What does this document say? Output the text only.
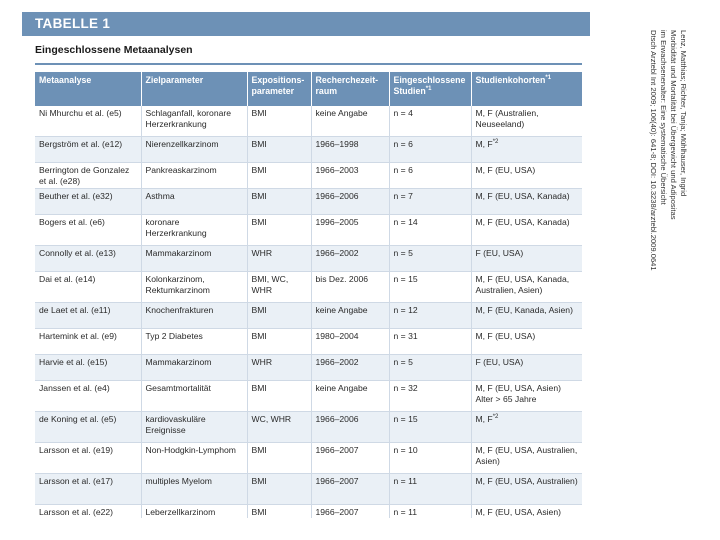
TABELLE 1
Eingeschlossene Metaanalysen
Metaanalyse	Zielparameter	Expositions-parameter	Recherchezeit-raum	Eingeschlossene Studien$^{*1}$	Studienkohorten$^{*1}$
Ni Mhurchu et al. (e5)	Schlaganfall, koronare Herzerkrankung	BMI	keine Angabe	n = 4	M, F (Australien, Neuseeland)
Bergström et al. (e12)	Nierenzellkarzinom	BMI	1966–1998	n = 6	M, $F^{*2}$
Berrington de Gonzalez et al. (e28)	Pankreaskarzinom	BMI	1966–2003	n = 6	M, F (EU, USA)
Beuther et al. (e32)	Asthma	BMI	1966–2006	n = 7	M, F (EU, USA, Kanada)
Bogers et al. (e6)	koronare Herzerkrankung	BMI	1996–2005	n = 14	M, F (EU, USA, Kanada)
Connolly et al. (e13)	Mammakarzinom	WHR	1966–2002	n = 5	F (EU, USA)
Dai et al. (e14)	Kolonkarzinom, Rektumkarzinom	BMI, WC, WHR	bis Dez. 2006	n = 15	M, F (EU, USA, Kanada, Australien, Asien)
de Laet et al. (e11)	Knochenfrakturen	BMI	keine Angabe	n = 12	M, F (EU, Kanada, Asien)
Hartemink et al. (e9)	Typ 2 Diabetes	BMI	1980–2004	n = 31	M, F (EU, USA)
Harvie et al. (e15)	Mammakarzinom	WHR	1966–2002	n = 5	F (EU, USA)
Janssen et al. (e4)	Gesamtmortalität	BMI	keine Angabe	n = 32	M, F (EU, USA, Asien) Alter > 65 Jahre
de Koning et al. (e5)	kardiovaskuläre Ereignisse	WC, WHR	1966–2006	n = 15	M, $F^{*2}$
Larsson et al. (e19)	Non-Hodgkin-Lymphom	BMI	1966–2007	n = 10	M, F (EU, USA, Australien, Asien)
Larsson et al. (e17)	multiples Myelom	BMI	1966–2007	n = 11	M, F (EU, USA, Australien)
Larsson et al. (e22)	Leberzellkarzinom	BMI	1966–2007	n = 11	M, F (EU, USA, Asien)
Lenz, Matthias; Richter, Tanja; Mühlhauser, Ingrid
Morbidität und Mortalität bei Übergewicht und Adipositas
im Erwachsenenalter: Eine systematische Übersicht
Dtsch Arztebl Int 2009; 106(40): 641-8; DOI: 10.3238/arztebl.2009.0641
